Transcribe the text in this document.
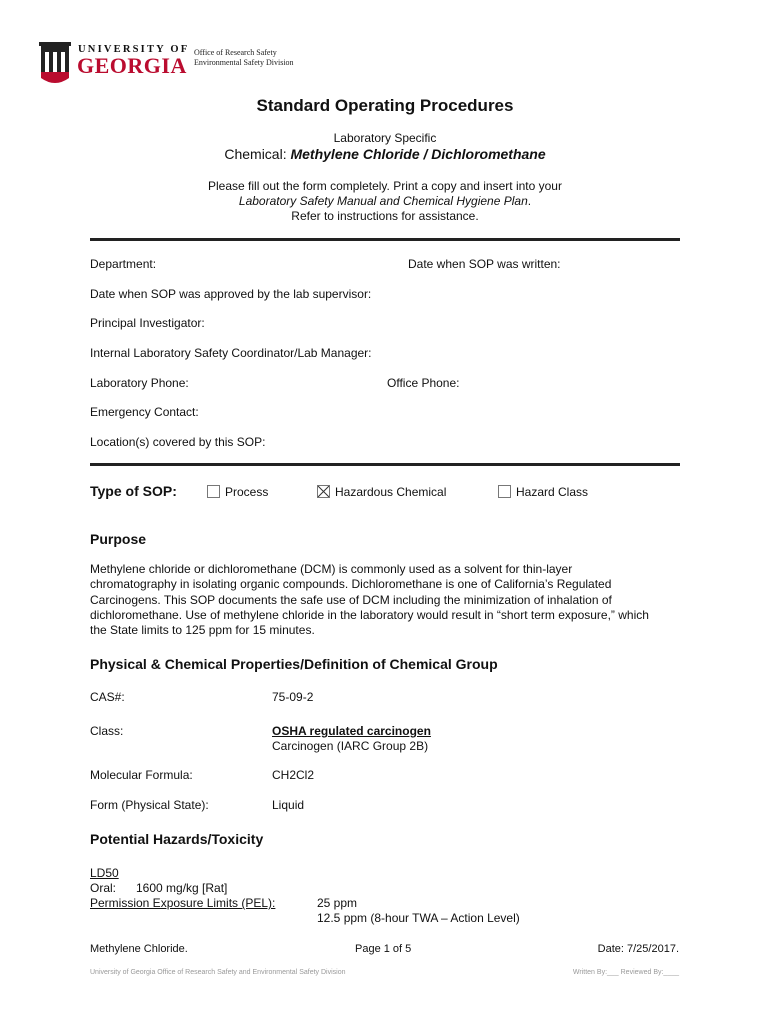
UNIVERSITY OF
GEORGIA
Office of Research Safety
Environmental Safety Division
Standard Operating Procedures
Laboratory Specific
Chemical: Methylene Chloride / Dichloromethane
Please fill out the form completely. Print a copy and insert into your
Laboratory Safety Manual and Chemical Hygiene Plan.
Refer to instructions for assistance.
Department:	Date when SOP was written:
Date when SOP was approved by the lab supervisor:
Principal Investigator:
Internal Laboratory Safety Coordinator/Lab Manager:
Laboratory Phone:	Office Phone:
Emergency Contact:
Location(s) covered by this SOP:
Type of SOP:	Process	Hazardous Chemical	Hazard Class
Purpose
Methylene chloride or dichloromethane (DCM) is commonly used as a solvent for thin-layer
chromatography in isolating organic compounds. Dichloromethane is one of California’s Regulated
Carcinogens. This SOP documents the safe use of DCM including the minimization of inhalation of
dichloromethane. Use of methylene chloride in the laboratory would result in “short term exposure,” which
the State limits to 125 ppm for 15 minutes.
Physical & Chemical Properties/Definition of Chemical Group
CAS#:	75-09-2
Class:	OSHA regulated carcinogen
Carcinogen (IARC Group 2B)
Molecular Formula:	CH2Cl2
Form (Physical State):	Liquid
Potential Hazards/Toxicity
LD50
Oral: 1600 mg/kg [Rat]
Permission Exposure Limits (PEL):	25 ppm
12.5 ppm (8-hour TWA – Action Level)
Methylene Chloride.	Page 1 of 5	Date: 7/25/2017.
University of Georgia Office of Research Safety and Environmental Safety Division	Written By:___ Reviewed By:____
